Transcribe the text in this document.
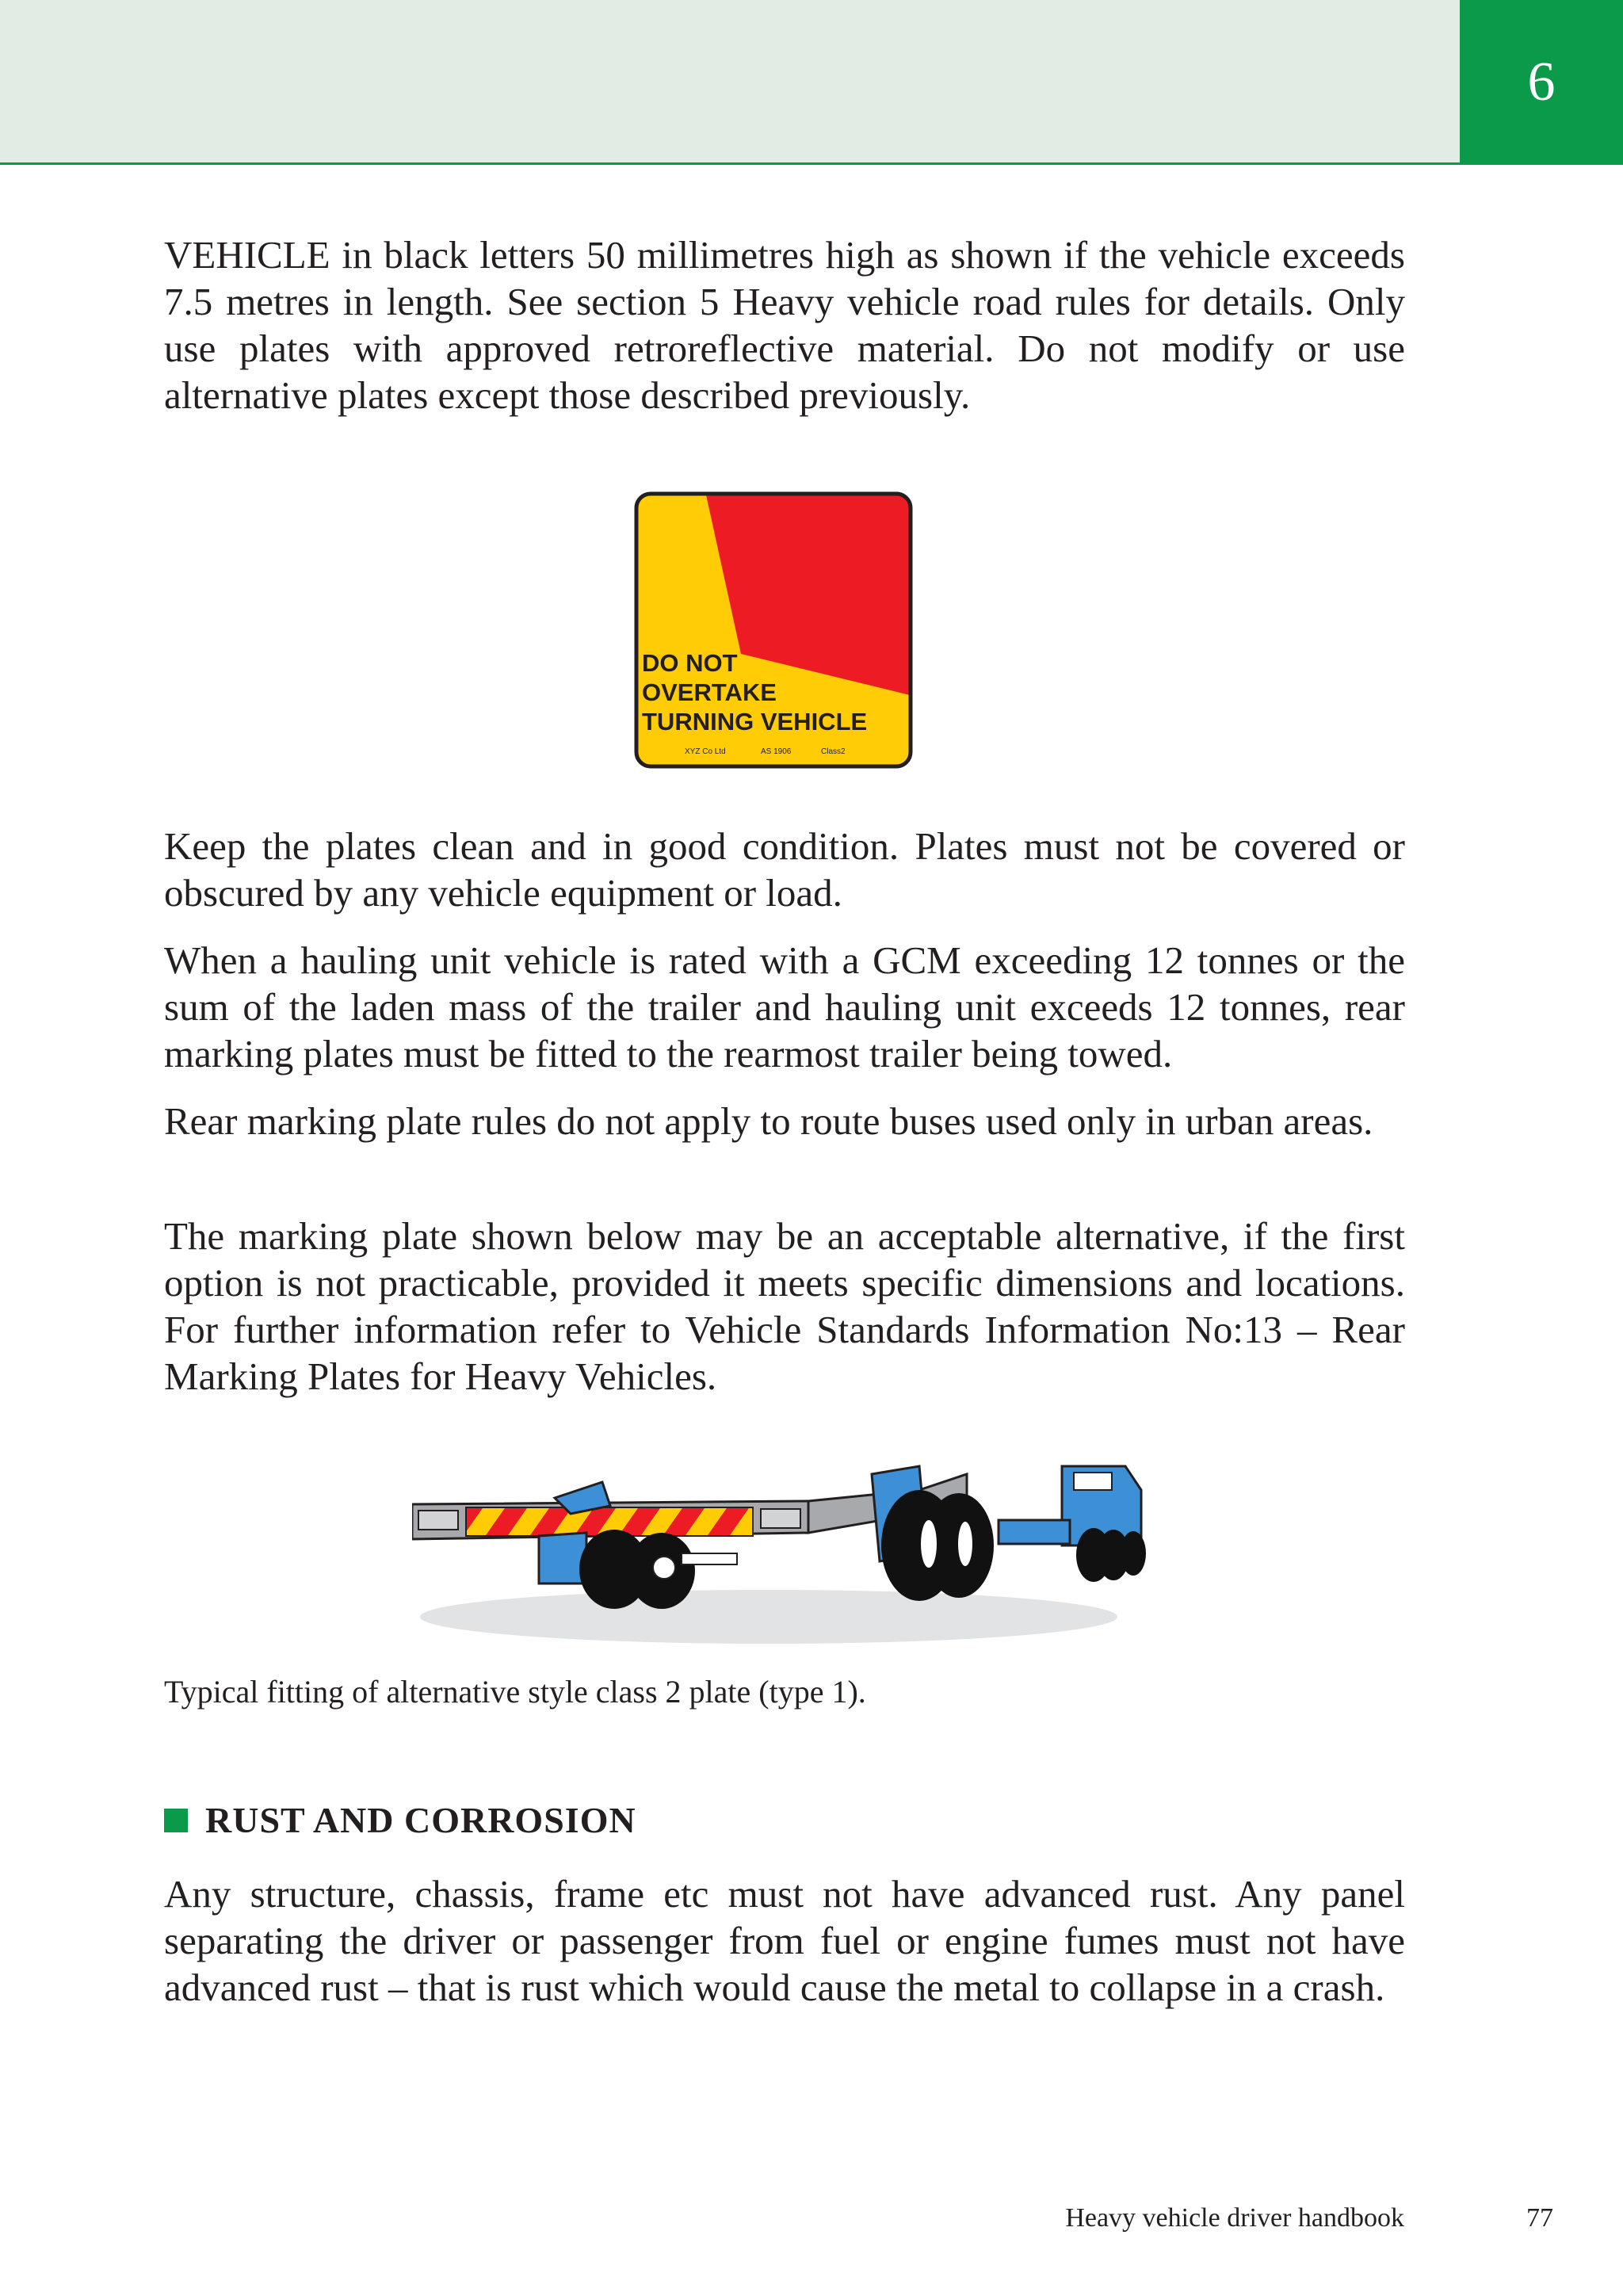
6

VEHICLE in black letters 50 millimetres high as shown if the vehicle exceeds 7.5 metres in length. See section 5 Heavy vehicle road rules for details. Only use plates with approved retroreflective material. Do not modify or use alternative plates except those described previously.

DO NOT
OVERTAKE
TURNING VEHICLE
XYZ Co Ltd	AS 1906	Class2

Keep the plates clean and in good condition. Plates must not be covered or obscured by any vehicle equipment or load.

When a hauling unit vehicle is rated with a GCM exceeding 12 tonnes or the sum of the laden mass of the trailer and hauling unit exceeds 12 tonnes, rear marking plates must be fitted to the rearmost trailer being towed.

Rear marking plate rules do not apply to route buses used only in urban areas.

The marking plate shown below may be an acceptable alternative, if the first option is not practicable, provided it meets specific dimensions and locations. For further information refer to Vehicle Standards Information No:13 – Rear Marking Plates for Heavy Vehicles.

Typical fitting of alternative style class 2 plate (type 1).

RUST AND CORROSION

Any structure, chassis, frame etc must not have advanced rust. Any panel separating the driver or passenger from fuel or engine fumes must not have advanced rust – that is rust which would cause the metal to collapse in a crash.

Heavy vehicle driver handbook	77
